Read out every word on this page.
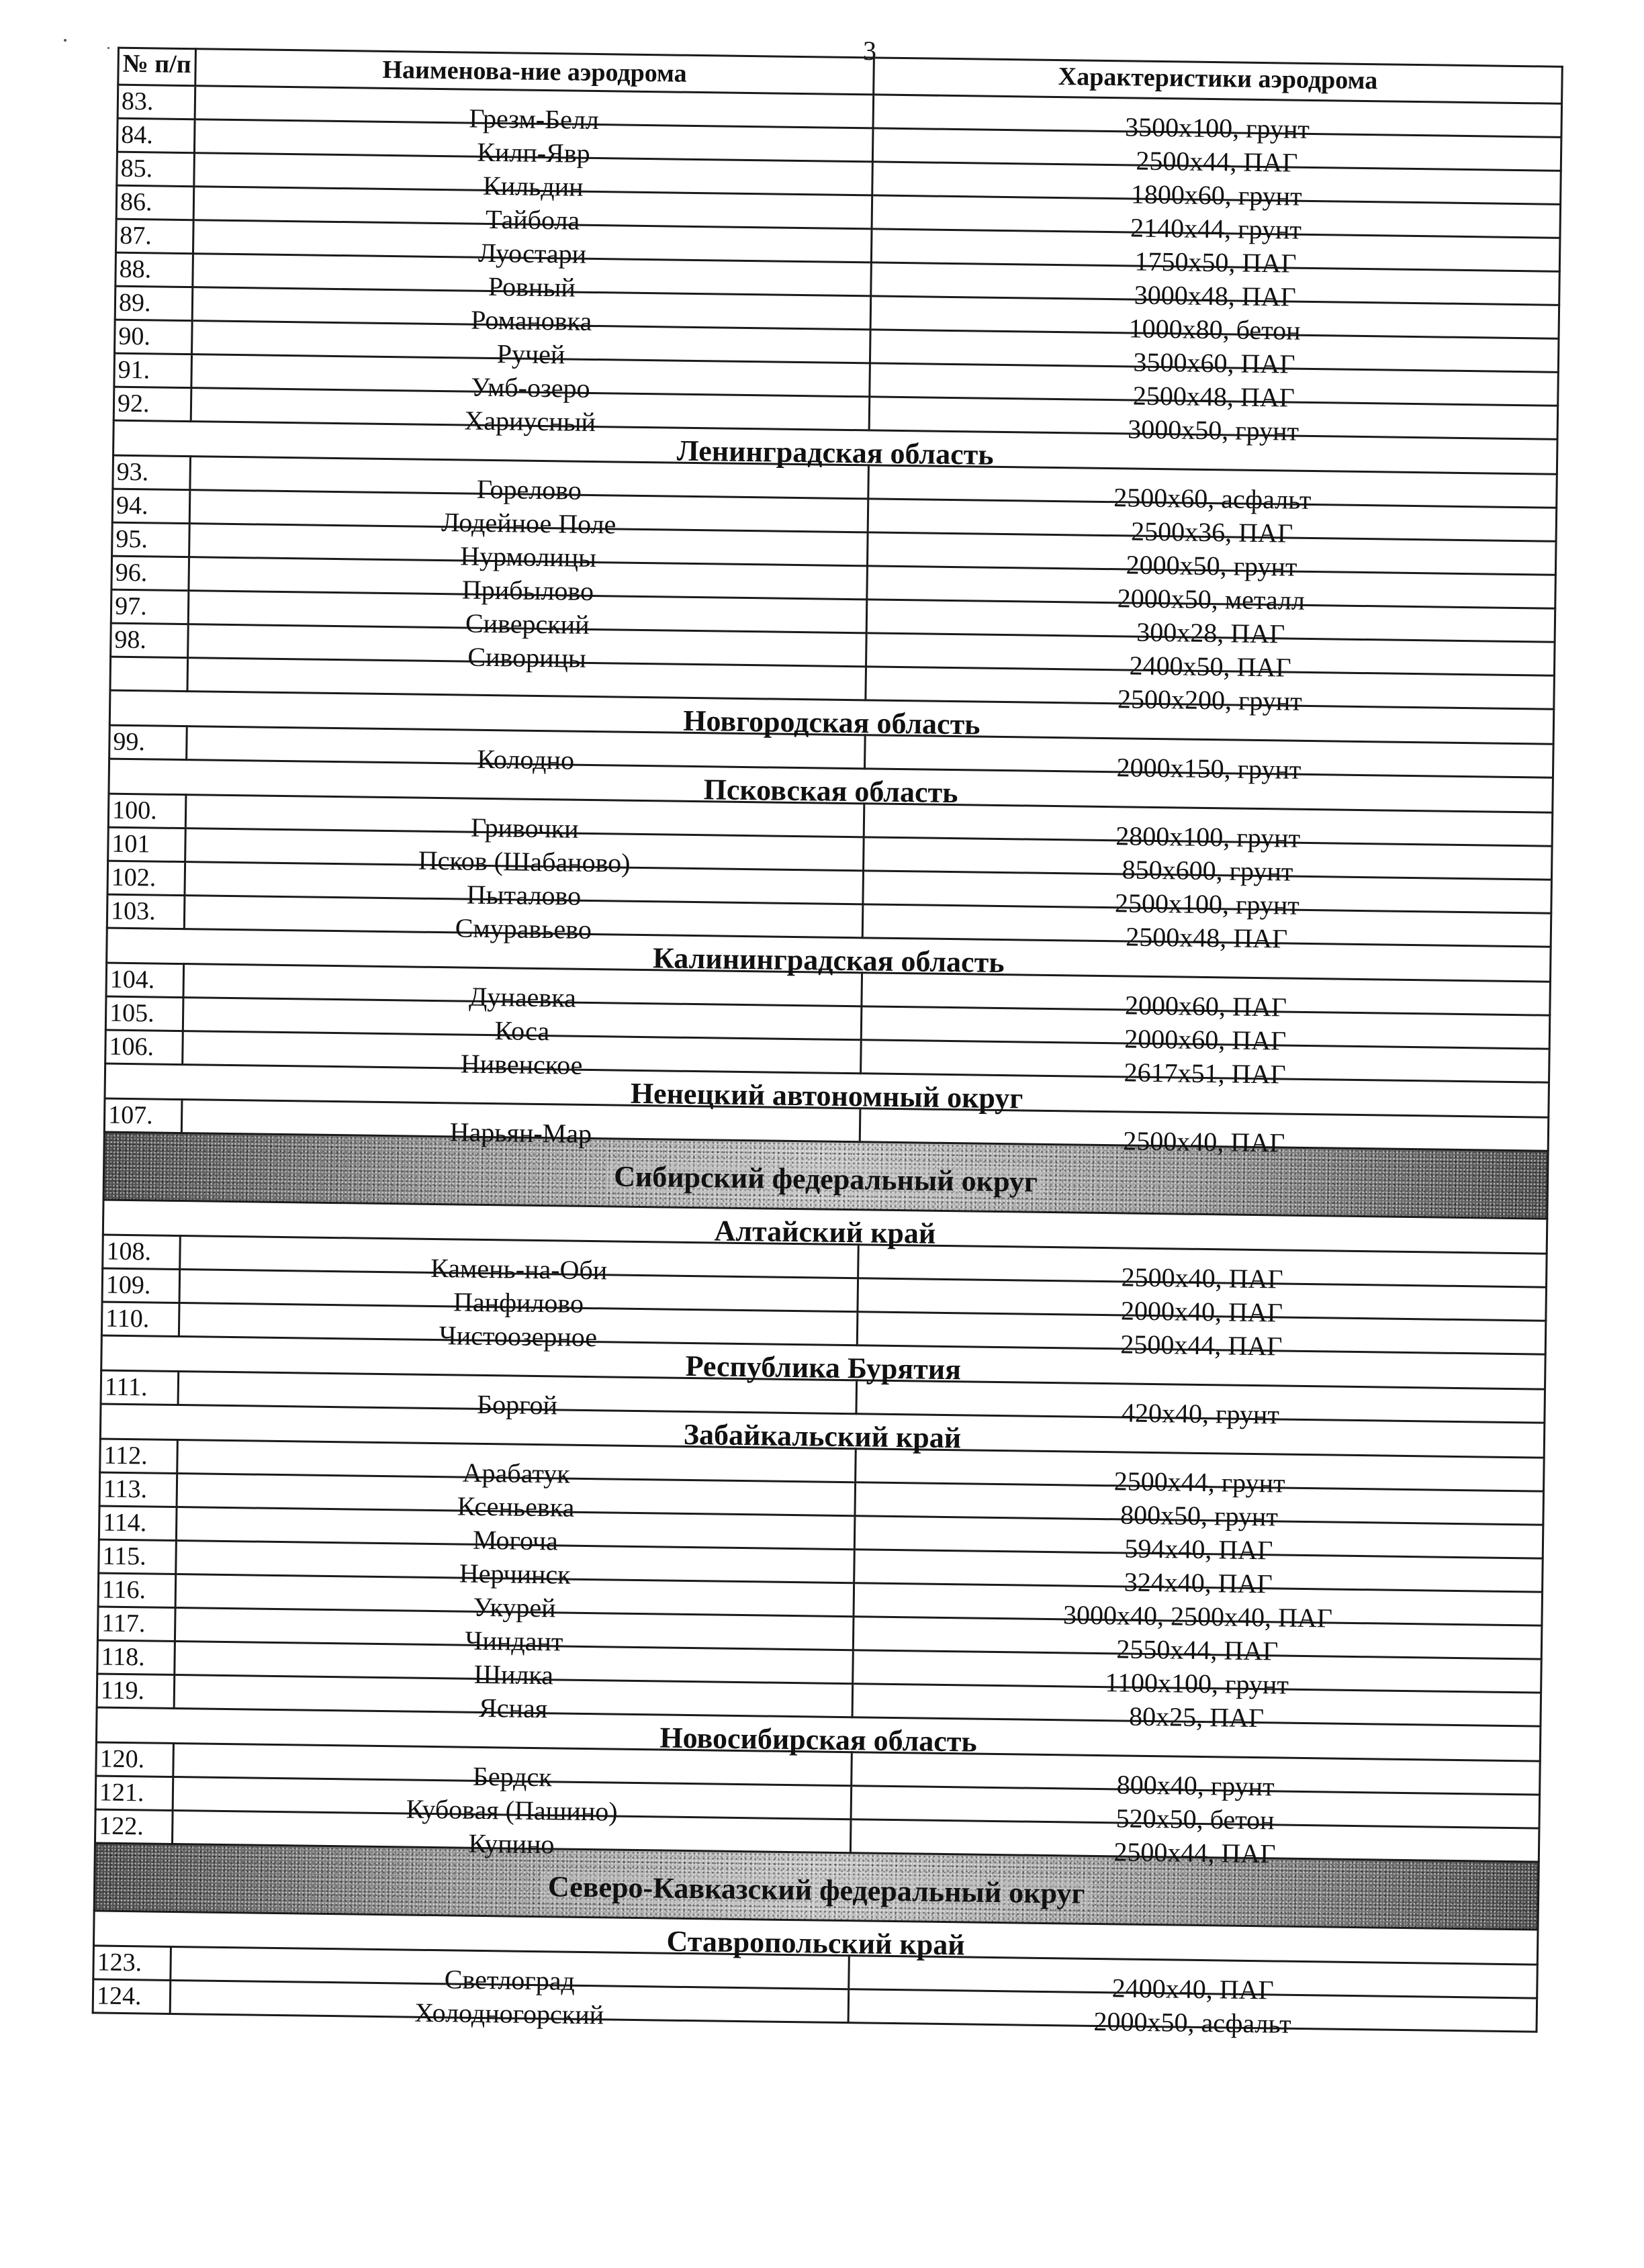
3
№ п/п	Наименова-ние аэродрома	Характеристики аэродрома
83.	Грезм-Белл	3500x100, грунт
84.	Килп-Явр	2500x44, ПАГ
85.	Кильдин	1800x60, грунт
86.	Тайбола	2140x44, грунт
87.	Луостари	1750x50, ПАГ
88.	Ровный	3000x48, ПАГ
89.	Романовка	1000x80, бетон
90.	Ручей	3500x60, ПАГ
91.	Умб-озеро	2500x48, ПАГ
92.	Хариусный	3000x50, грунт
Ленинградская область		
93.	Горелово	2500x60, асфальт
94.	Лодейное Поле	2500x36, ПАГ
95.	Нурмолицы	2000x50, грунт
96.	Прибылово	2000x50, металл
97.	Сиверский	300x28, ПАГ
98.	Сиворицы	2400x50, ПАГ
		2500x200, грунт
Новгородская область		
99.	Колодно	2000x150, грунт
Псковская область		
100.	Гривочки	2800x100, грунт
101	Псков (Шабаново)	850x600, грунт
102.	Пыталово	2500x100, грунт
103.	Смуравьево	2500x48, ПАГ
Калининградская область		
104.	Дунаевка	2000x60, ПАГ
105.	Коса	2000x60, ПАГ
106.	Нивенское	2617x51, ПАГ
Ненецкий автономный округ		
107.	Нарьян-Мар	2500x40, ПАГ
Сибирский федеральный округ		
Алтайский край		
108.	Камень-на-Оби	2500x40, ПАГ
109.	Панфилово	2000x40, ПАГ
110.	Чистоозерное	2500x44, ПАГ
Республика Бурятия		
111.	Боргой	420x40, грунт
Забайкальский край		
112.	Арабатук	2500x44, грунт
113.	Ксеньевка	800x50, грунт
114.	Могоча	594x40, ПАГ
115.	Нерчинск	324x40, ПАГ
116.	Укурей	3000x40, 2500x40, ПАГ
117.	Чиндант	2550x44, ПАГ
118.	Шилка	1100x100, грунт
119.	Ясная	80x25, ПАГ
Новосибирская область		
120.	Бердск	800x40, грунт
121.	Кубовая (Пашино)	520x50, бетон
122.	Купино	2500x44, ПАГ
Северо-Кавказский федеральный округ		
Ставропольский край		
123.	Светлоград	2400x40, ПАГ
124.	Холодногорский	2000x50, асфальт
